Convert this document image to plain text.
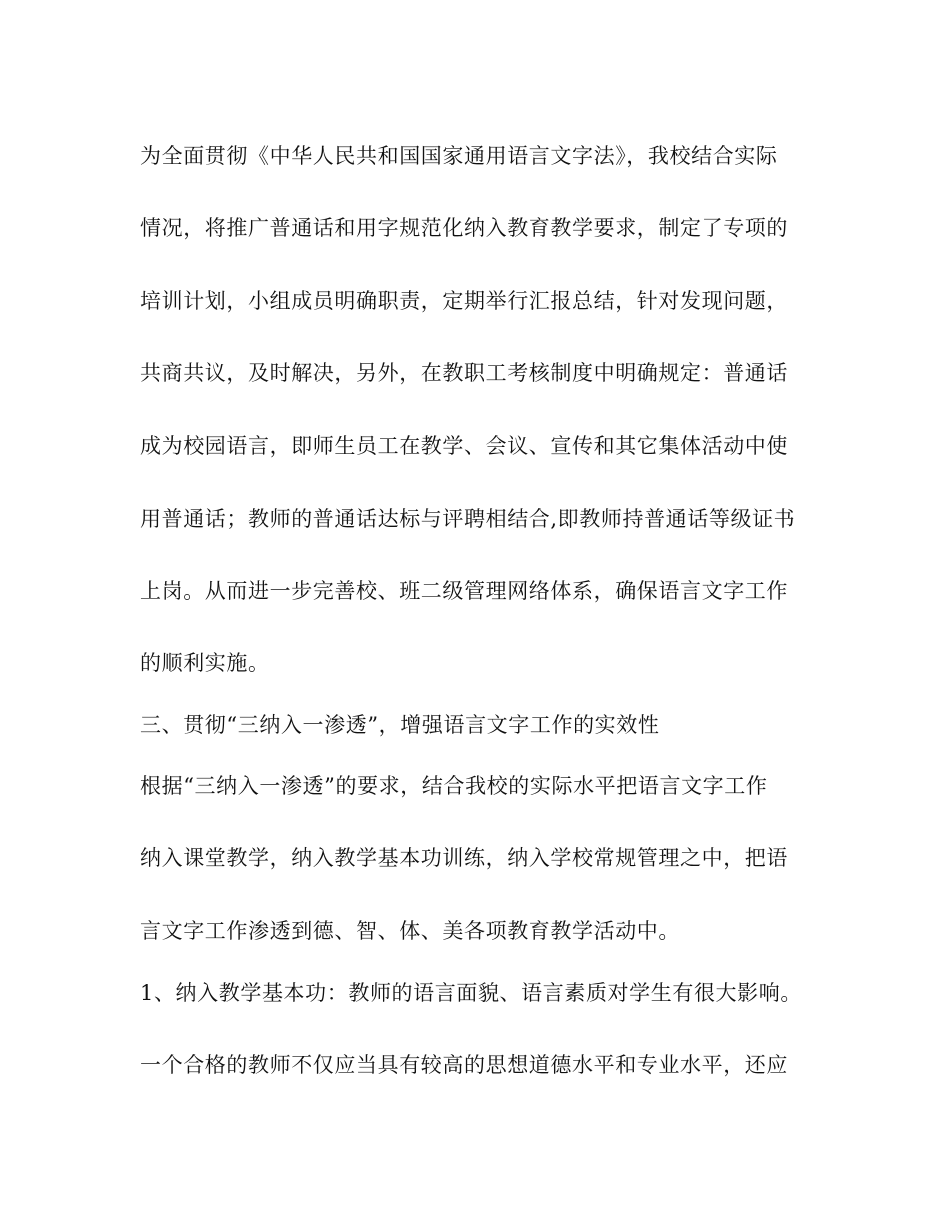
为全面贯彻《中华人民共和国国家通用语言文字法》，我校结合实际
情况，将推广普通话和用字规范化纳入教育教学要求，制定了专项的
培训计划，小组成员明确职责，定期举行汇报总结，针对发现问题，
共商共议，及时解决，另外，在教职工考核制度中明确规定：普通话
成为校园语言，即师生员工在教学、会议、宣传和其它集体活动中使
用普通话；教师的普通话达标与评聘相结合,即教师持普通话等级证书
上岗。从而进一步完善校、班二级管理网络体系，确保语言文字工作
的顺利实施。
三、贯彻“三纳入一渗透”，增强语言文字工作的实效性
根据“三纳入一渗透”的要求，结合我校的实际水平把语言文字工作
纳入课堂教学，纳入教学基本功训练，纳入学校常规管理之中，把语
言文字工作渗透到德、智、体、美各项教育教学活动中。
1、纳入教学基本功：教师的语言面貌、语言素质对学生有很大影响。
一个合格的教师不仅应当具有较高的思想道德水平和专业水平，还应
